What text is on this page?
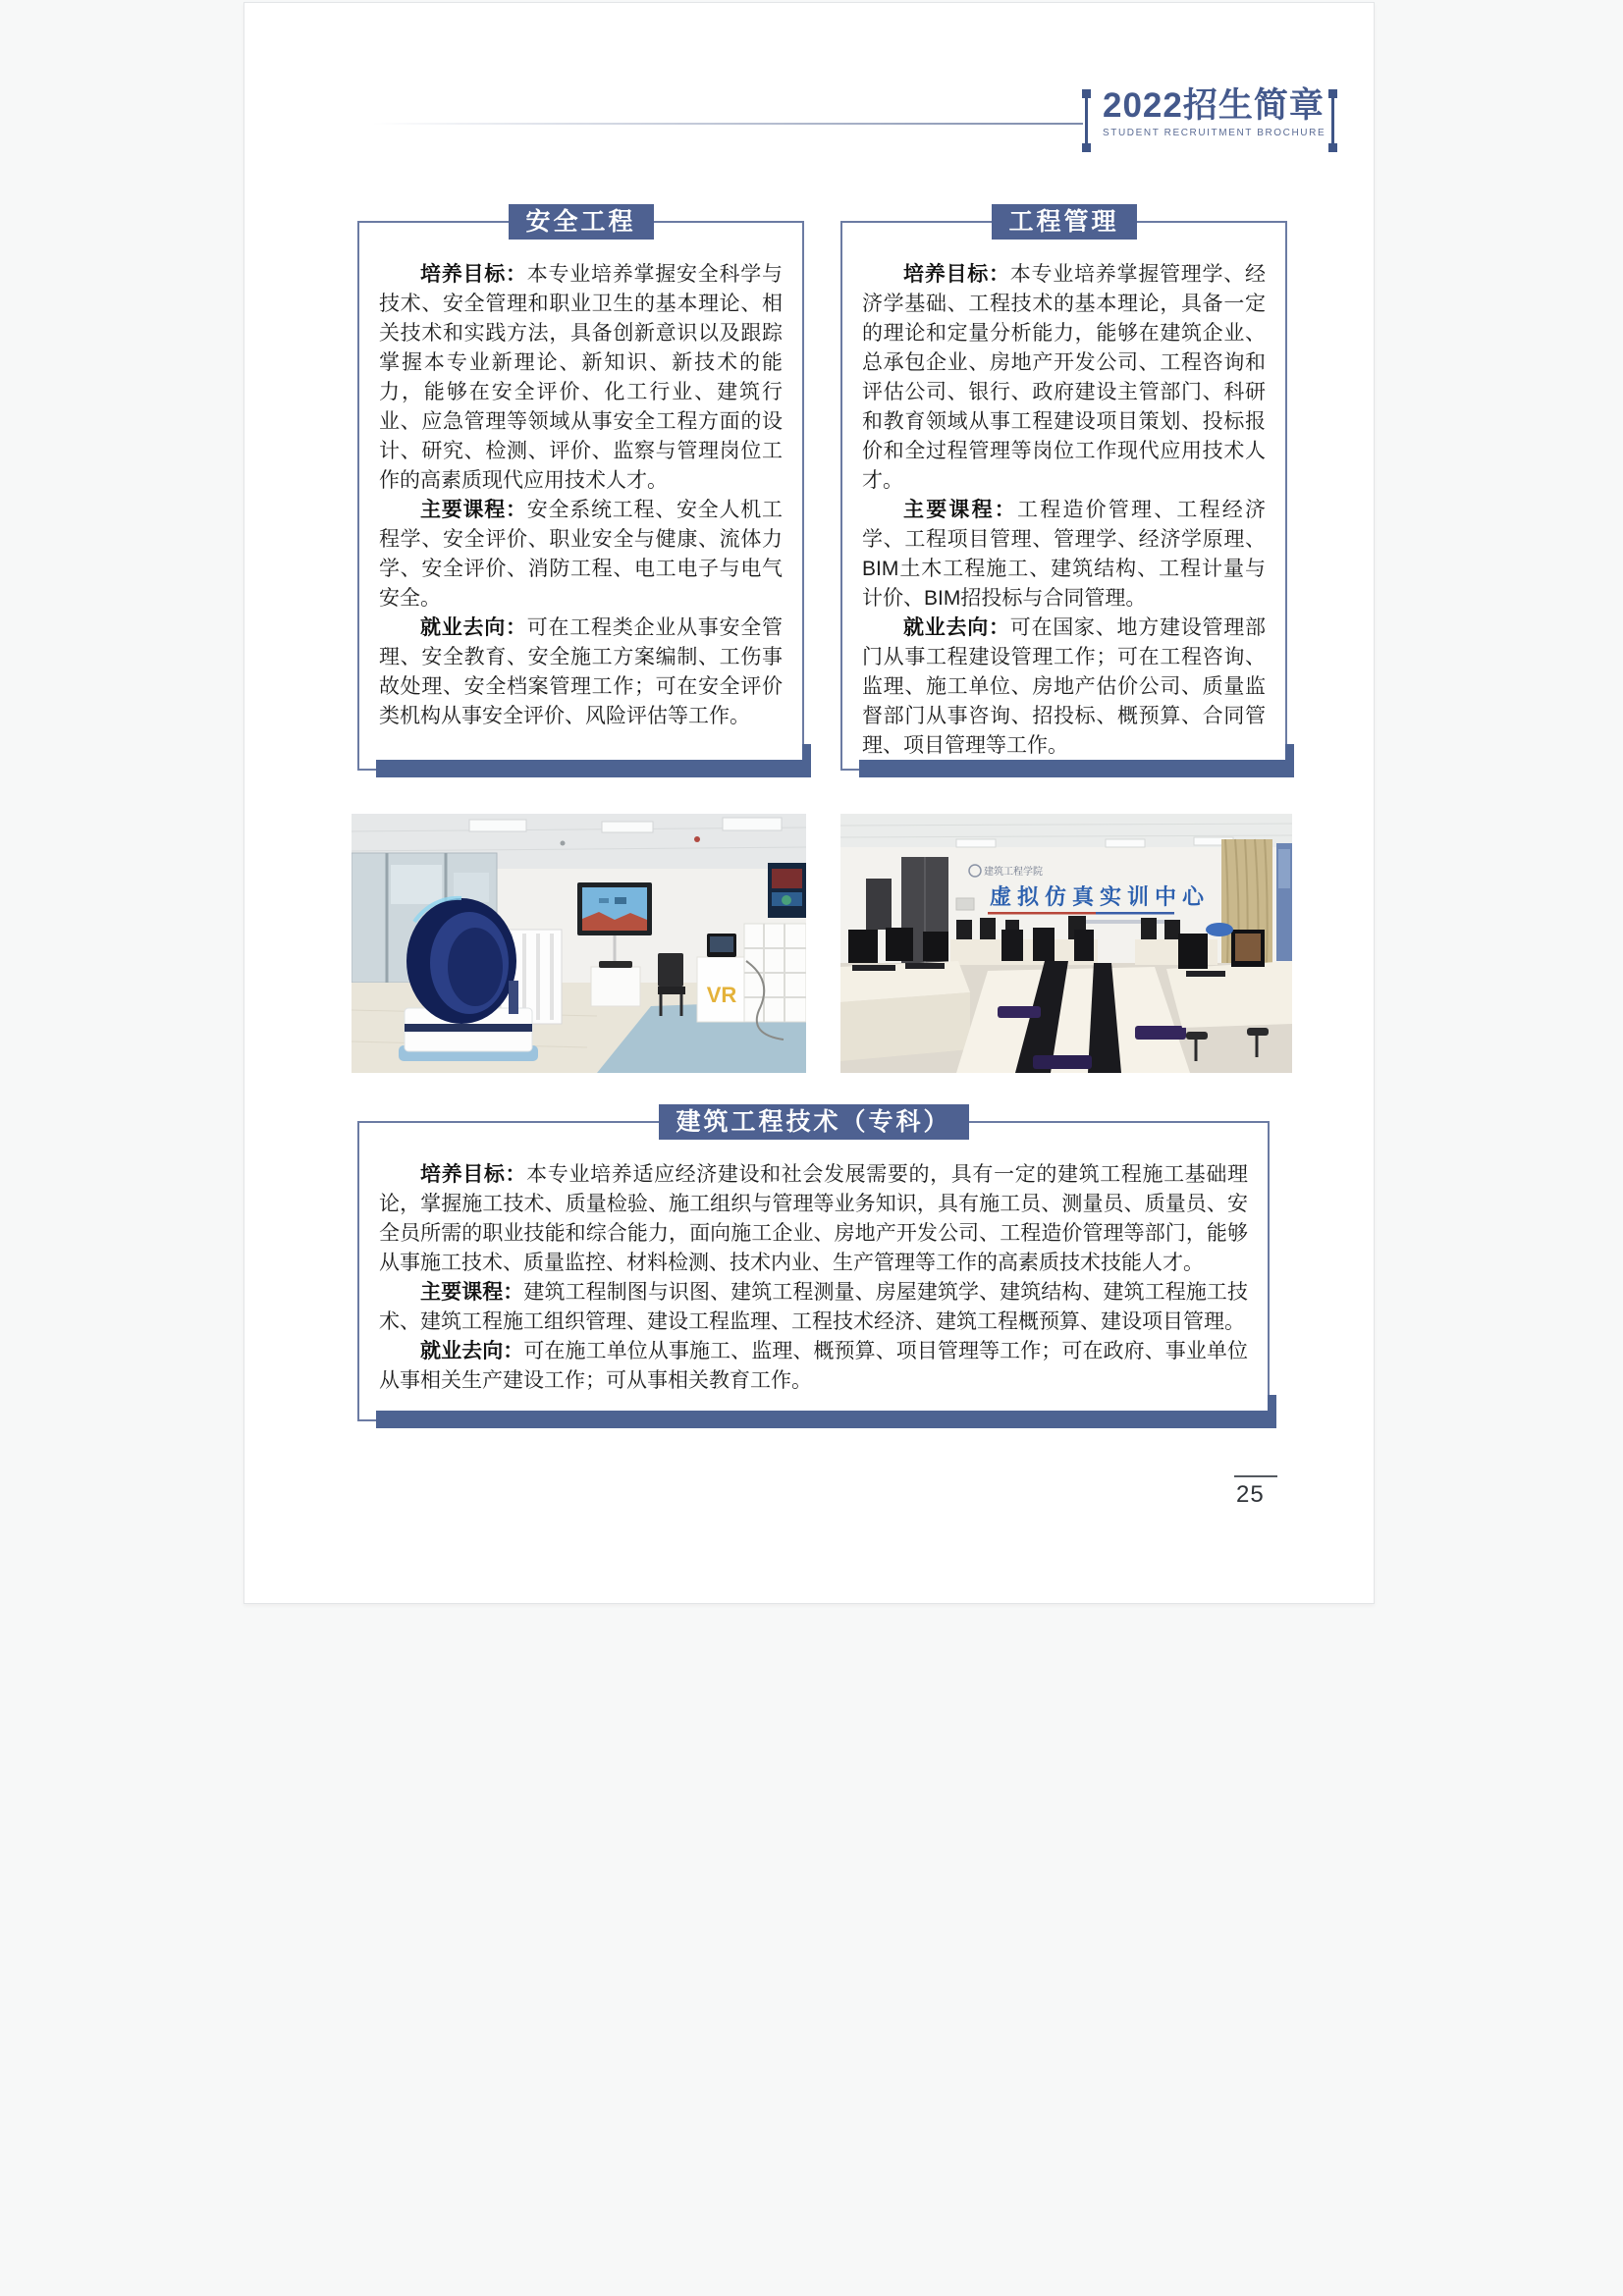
2022招生简章
STUDENT RECRUITMENT BROCHURE
安全工程

培养目标：本专业培养掌握安全科学与技术、安全管理和职业卫生的基本理论、相关技术和实践方法，具备创新意识以及跟踪掌握本专业新理论、新知识、新技术的能力，能够在安全评价、化工行业、建筑行业、应急管理等领域从事安全工程方面的设计、研究、检测、评价、监察与管理岗位工作的高素质现代应用技术人才。

主要课程：安全系统工程、安全人机工程学、安全评价、职业安全与健康、流体力学、安全评价、消防工程、电工电子与电气安全。

就业去向：可在工程类企业从事安全管理、安全教育、安全施工方案编制、工伤事故处理、安全档案管理工作；可在安全评价类机构从事安全评价、风险评估等工作。

工程管理

培养目标：本专业培养掌握管理学、经济学基础、工程技术的基本理论，具备一定的理论和定量分析能力，能够在建筑企业、总承包企业、房地产开发公司、工程咨询和评估公司、银行、政府建设主管部门、科研和教育领域从事工程建设项目策划、投标报价和全过程管理等岗位工作现代应用技术人才。

主要课程：工程造价管理、工程经济学、工程项目管理、管理学、经济学原理、BIM土木工程施工、建筑结构、工程计量与计价、BIM招投标与合同管理。

就业去向：可在国家、地方建设管理部门从事工程建设管理工作；可在工程咨询、监理、施工单位、房地产估价公司、质量监督部门从事咨询、招投标、概预算、合同管理、项目管理等工作。

VR
建筑工程学院
虚拟仿真实训中心
建筑工程技术（专科）

培养目标：本专业培养适应经济建设和社会发展需要的，具有一定的建筑工程施工基础理论，掌握施工技术、质量检验、施工组织与管理等业务知识，具有施工员、测量员、质量员、安全员所需的职业技能和综合能力，面向施工企业、房地产开发公司、工程造价管理等部门，能够从事施工技术、质量监控、材料检测、技术内业、生产管理等工作的高素质技术技能人才。

主要课程：建筑工程制图与识图、建筑工程测量、房屋建筑学、建筑结构、建筑工程施工技术、建筑工程施工组织管理、建设工程监理、工程技术经济、建筑工程概预算、建设项目管理。

就业去向：可在施工单位从事施工、监理、概预算、项目管理等工作；可在政府、事业单位从事相关生产建设工作；可从事相关教育工作。

25
